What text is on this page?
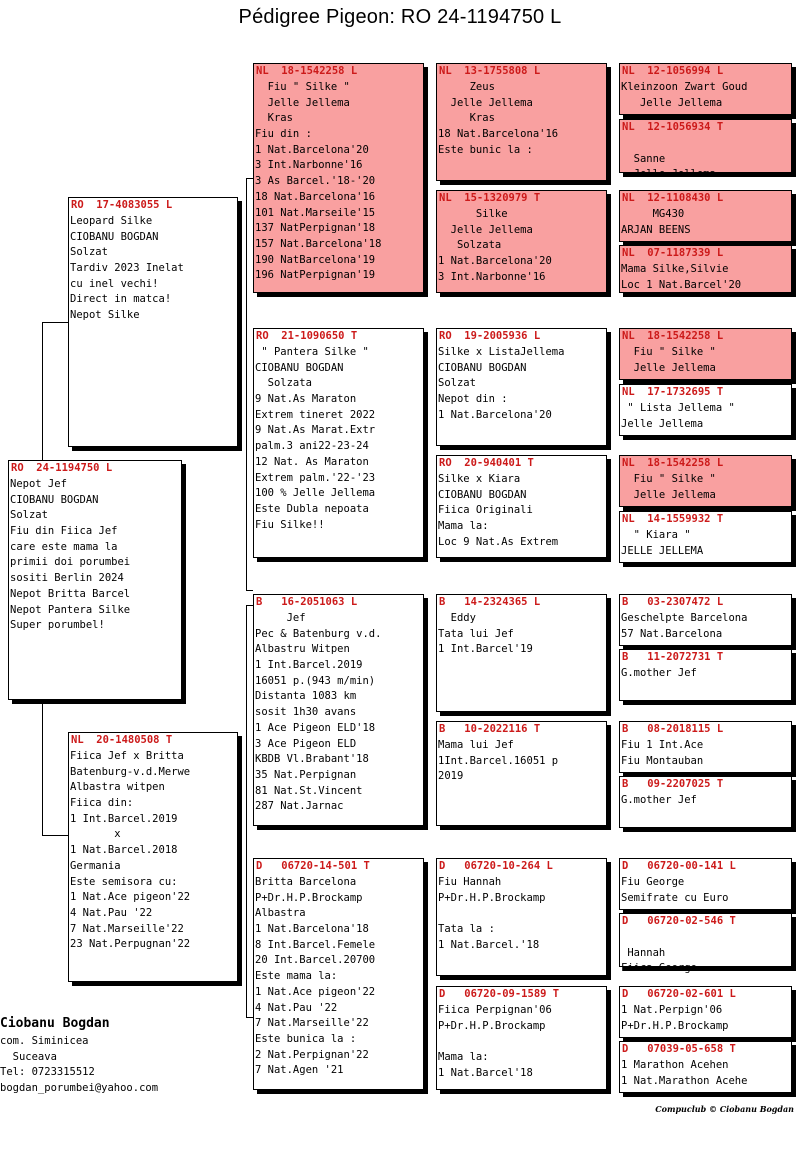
Pédigree Pigeon: RO 24-1194750 L
RO  24-1194750 L
Nepot Jef
CIOBANU BOGDAN
Solzat
Fiu din Fiica Jef
care este mama la
primii doi porumbei
sositi Berlin 2024
Nepot Britta Barcel
Nepot Pantera Silke
Super porumbel!
RO  17-4083055 L
Leopard Silke
CIOBANU BOGDAN
Solzat
Tardiv 2023 Inelat
cu inel vechi!
Direct in matca!
Nepot Silke
NL  20-1480508 T
Fiica Jef x Britta
Batenburg-v.d.Merwe
Albastra witpen
Fiica din:
1 Int.Barcel.2019
x
1 Nat.Barcel.2018
Germania
Este semisora cu:
1 Nat.Ace pigeon'22
4 Nat.Pau '22
7 Nat.Marseille'22
23 Nat.Perpugnan'22
NL  18-1542258 L
Fiu " Silke "
Jelle Jellema
Kras
Fiu din :
1 Nat.Barcelona'20
3 Int.Narbonne'16
3 As Barcel.'18-'20
18 Nat.Barcelona'16
101 Nat.Marseile'15
137 NatPerpignan'18
157 Nat.Barcelona'18
190 NatBarcelona'19
196 NatPerpignan'19
RO  21-1090650 T
" Pantera Silke "
CIOBANU BOGDAN
Solzata
9 Nat.As Maraton
Extrem tineret 2022
9 Nat.As Marat.Extr
palm.3 ani22-23-24
12 Nat. As Maraton
Extrem palm.'22-'23
100 % Jelle Jellema
Este Dubla nepoata
Fiu Silke!!
B   16-2051063 L
Jef
Pec & Batenburg v.d.
Albastru Witpen
1 Int.Barcel.2019
16051 p.(943 m/min)
Distanta 1083 km
sosit 1h30 avans
1 Ace Pigeon ELD'18
3 Ace Pigeon ELD
KBDB Vl.Brabant'18
35 Nat.Perpignan
81 Nat.St.Vincent
287 Nat.Jarnac
D   06720-14-501 T
Britta Barcelona
P+Dr.H.P.Brockamp
Albastra
1 Nat.Barcelona'18
8 Int.Barcel.Femele
20 Int.Barcel.20700
Este mama la:
1 Nat.Ace pigeon'22
4 Nat.Pau '22
7 Nat.Marseille'22
Este bunica la :
2 Nat.Perpignan'22
7 Nat.Agen '21
NL  13-1755808 L
Zeus
Jelle Jellema
Kras
18 Nat.Barcelona'16
Este bunic la :
NL  15-1320979 T
Silke
Jelle Jellema
Solzata
1 Nat.Barcelona'20
3 Int.Narbonne'16
RO  19-2005936 L
Silke x ListaJellema
CIOBANU BOGDAN
Solzat
Nepot din :
1 Nat.Barcelona'20
RO  20-940401 T
Silke x Kiara
CIOBANU BOGDAN
Fiica Originali
Mama la:
Loc 9 Nat.As Extrem
B   14-2324365 L
Eddy
Tata lui Jef
1 Int.Barcel'19
B   10-2022116 T
Mama lui Jef
1Int.Barcel.16051 p
2019
D   06720-10-264 L
Fiu Hannah
P+Dr.H.P.Brockamp
Tata la :
1 Nat.Barcel.'18
D   06720-09-1589 T
Fiica Perpignan'06
P+Dr.H.P.Brockamp
Mama la:
1 Nat.Barcel'18
NL  12-1056994 L
Kleinzoon Zwart Goud
Jelle Jellema
NL  12-1056934 T
Sanne
Jelle Jellema
NL  12-1108430 L
MG430
ARJAN BEENS
NL  07-1187339 L
Mama Silke,Silvie
Loc 1 Nat.Barcel'20
NL  18-1542258 L
Fiu " Silke "
Jelle Jellema
NL  17-1732695 T
" Lista Jellema "
Jelle Jellema
NL  18-1542258 L
Fiu " Silke "
Jelle Jellema
NL  14-1559932 T
" Kiara "
JELLE JELLEMA
B   03-2307472 L
Geschelpte Barcelona
57 Nat.Barcelona
B   11-2072731 T
G.mother Jef
B   08-2018115 L
Fiu 1 Int.Ace
Fiu Montauban
B   09-2207025 T
G.mother Jef
D   06720-00-141 L
Fiu George
Semifrate cu Euro
D   06720-02-546 T
Hannah
Fiica George
D   06720-02-601 L
1 Nat.Perpign'06
P+Dr.H.P.Brockamp
D   07039-05-658 T
1 Marathon Acehen
1 Nat.Marathon Acehe
Ciobanu Bogdan
com. Siminicea
Suceava
Tel: 0723315512
bogdan_porumbei@yahoo.com
Compuclub © Ciobanu Bogdan
